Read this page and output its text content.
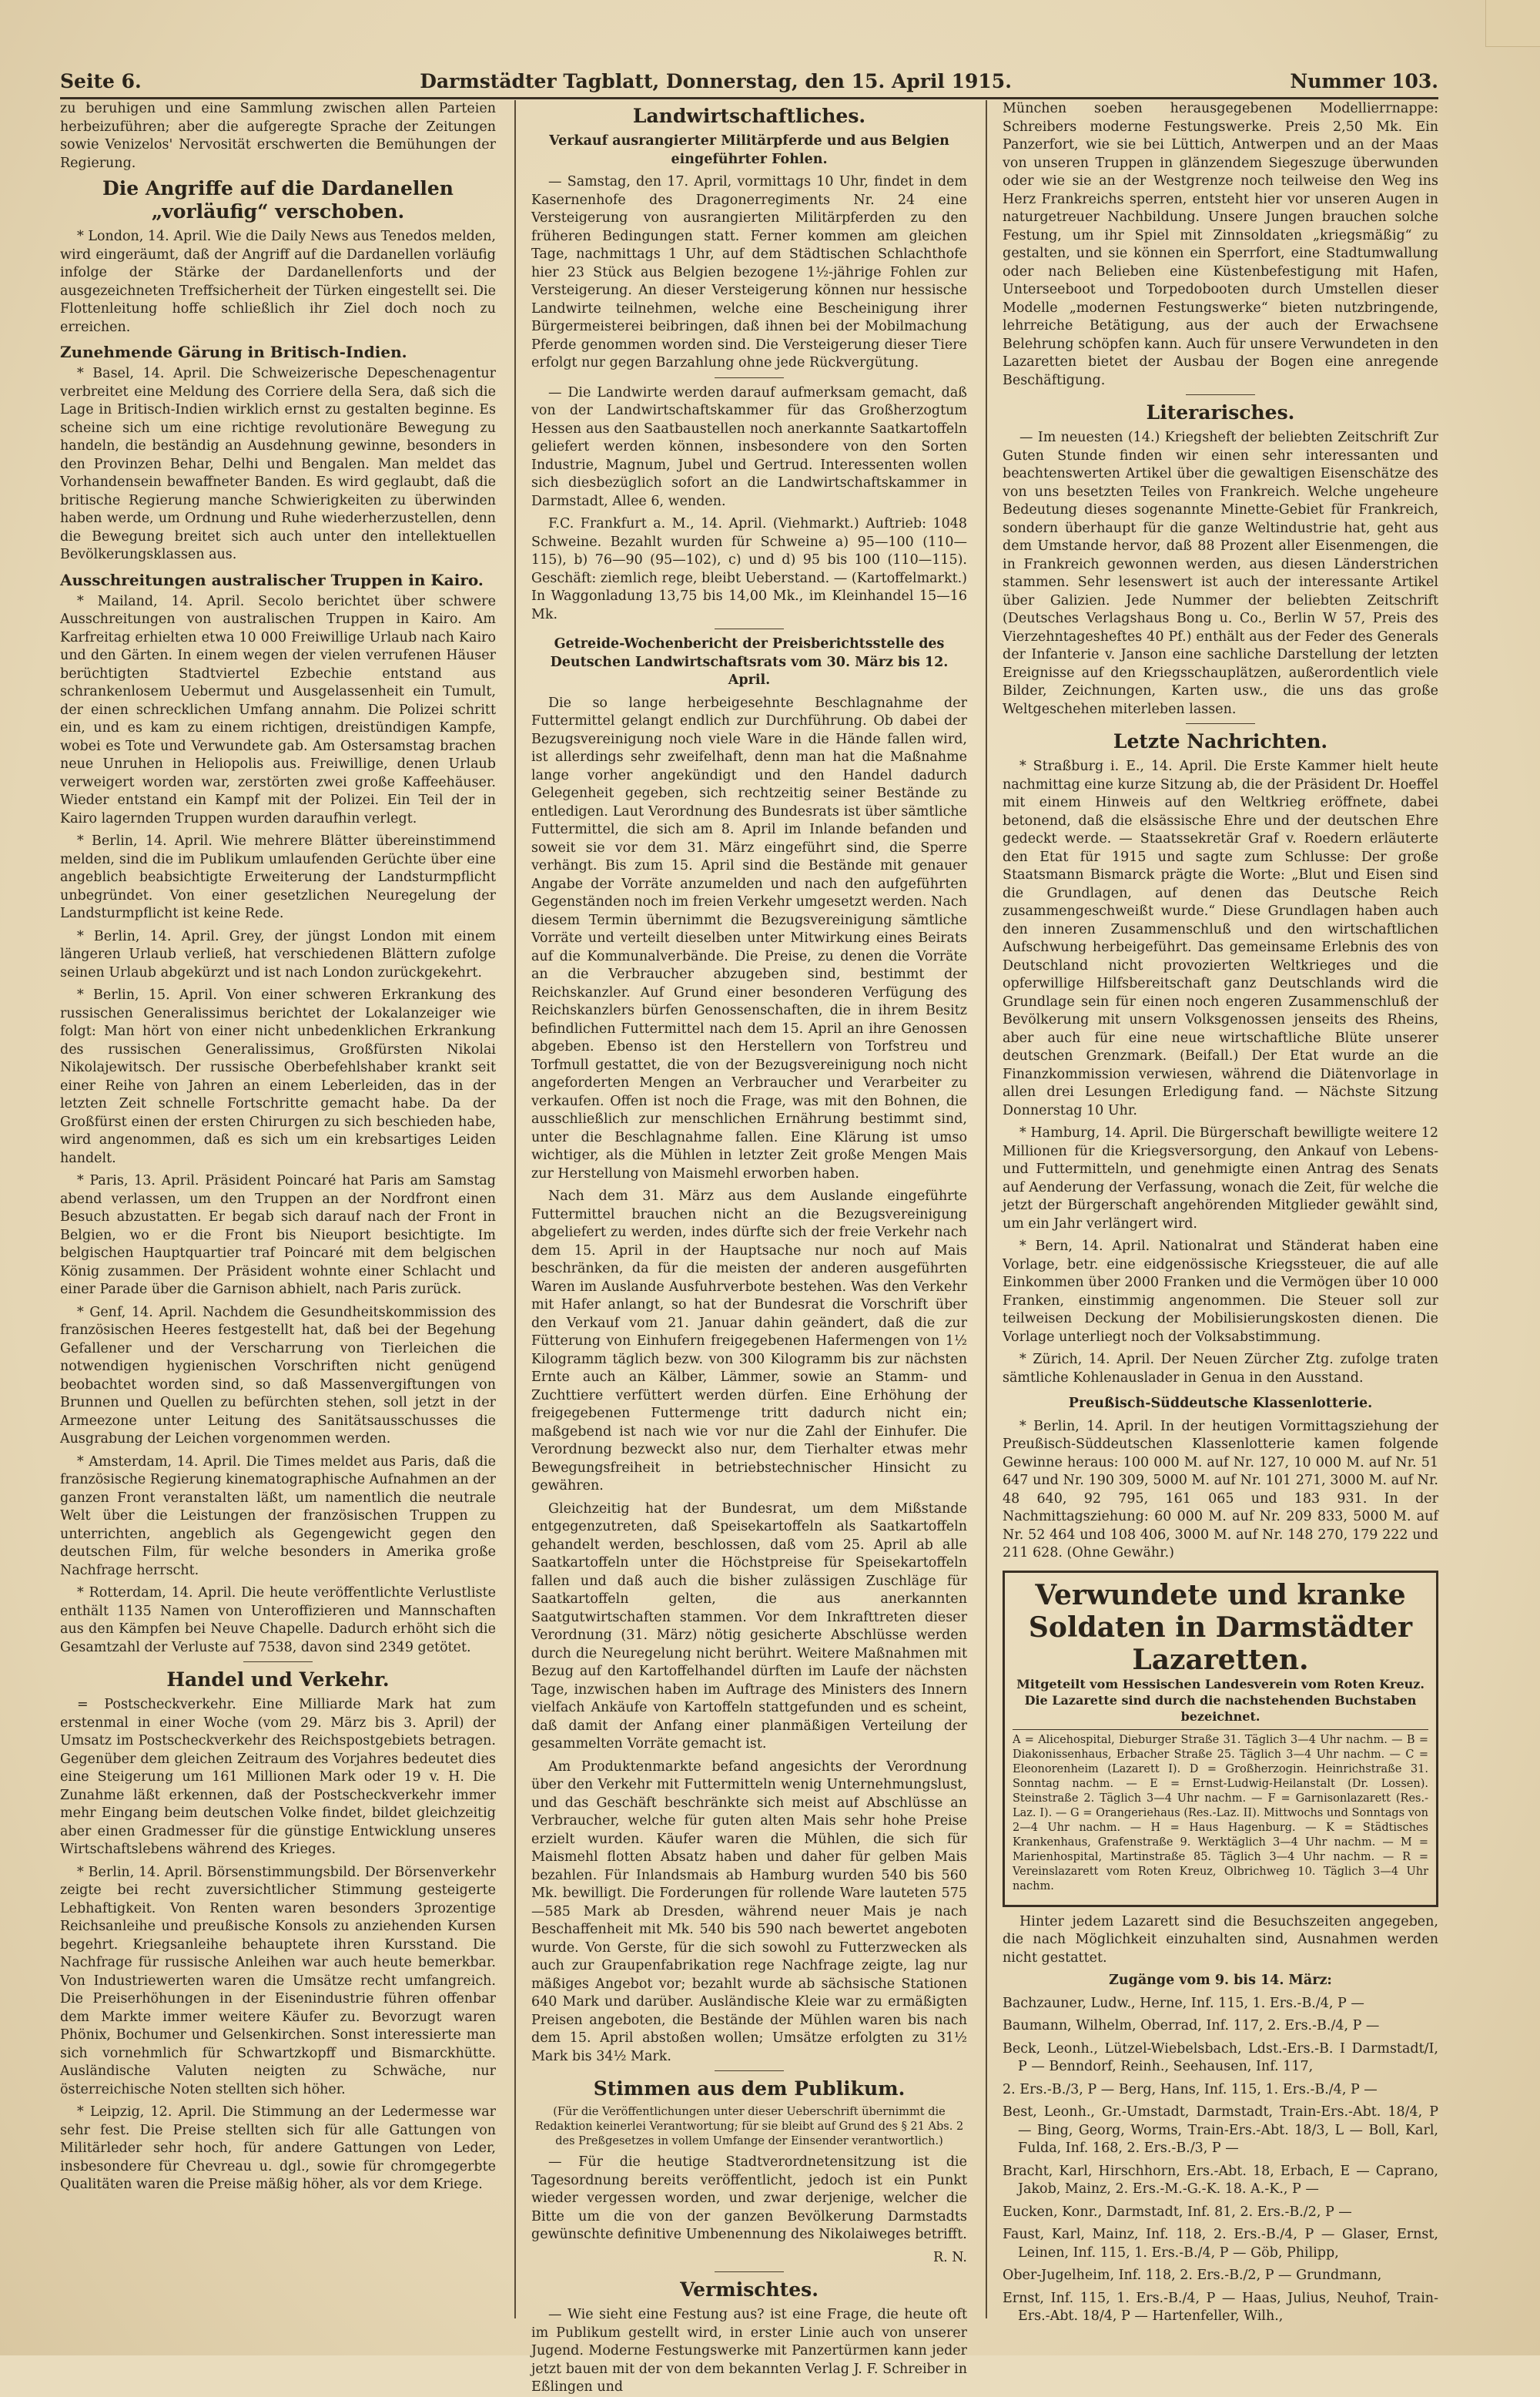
Seite 6.	Darmstädter Tagblatt, Donnerstag, den 15. April 1915.	Nummer 103.

zu beruhigen und eine Sammlung zwischen allen Parteien herbeizuführen; aber die aufgeregte Sprache der Zeitungen sowie Venizelos' Nervosität erschwerten die Bemühungen der Regierung.

Die Angriffe auf die Dardanellen „vorläufig“ verschoben.

* London, 14. April. Wie die Daily News aus Tenedos melden, wird eingeräumt, daß der Angriff auf die Dardanellen vorläufig infolge der Stärke der Dardanellenforts und der ausgezeichneten Treffsicherheit der Türken eingestellt sei. Die Flottenleitung hoffe schließlich ihr Ziel doch noch zu erreichen.

Zunehmende Gärung in Britisch-Indien.

* Basel, 14. April. Die Schweizerische Depeschenagentur verbreitet eine Meldung des Corriere della Sera, daß sich die Lage in Britisch-Indien wirklich ernst zu gestalten beginne. Es scheine sich um eine richtige revolutionäre Bewegung zu handeln, die beständig an Ausdehnung gewinne, besonders in den Provinzen Behar, Delhi und Bengalen. Man meldet das Vorhandensein bewaffneter Banden. Es wird geglaubt, daß die britische Regierung manche Schwierigkeiten zu überwinden haben werde, um Ordnung und Ruhe wiederherzustellen, denn die Bewegung breitet sich auch unter den intellektuellen Bevölkerungsklassen aus.

Ausschreitungen australischer Truppen in Kairo.

* Mailand, 14. April. Secolo berichtet über schwere Ausschreitungen von australischen Truppen in Kairo. Am Karfreitag erhielten etwa 10 000 Freiwillige Urlaub nach Kairo und den Gärten. In einem wegen der vielen verrufenen Häuser berüchtigten Stadtviertel Ezbechie entstand aus schrankenlosem Uebermut und Ausgelassenheit ein Tumult, der einen schrecklichen Umfang annahm. Die Polizei schritt ein, und es kam zu einem richtigen, dreistündigen Kampfe, wobei es Tote und Verwundete gab. Am Ostersamstag brachen neue Unruhen in Heliopolis aus. Freiwillige, denen Urlaub verweigert worden war, zerstörten zwei große Kaffeehäuser. Wieder entstand ein Kampf mit der Polizei. Ein Teil der in Kairo lagernden Truppen wurden daraufhin verlegt.

* Berlin, 14. April. Wie mehrere Blätter übereinstimmend melden, sind die im Publikum umlaufenden Gerüchte über eine angeblich beabsichtigte Erweiterung der Landsturmpflicht unbegründet. Von einer gesetzlichen Neuregelung der Landsturmpflicht ist keine Rede.

* Berlin, 14. April. Grey, der jüngst London mit einem längeren Urlaub verließ, hat verschiedenen Blättern zufolge seinen Urlaub abgekürzt und ist nach London zurückgekehrt.

* Berlin, 15. April. Von einer schweren Erkrankung des russischen Generalissimus berichtet der Lokalanzeiger wie folgt: Man hört von einer nicht unbedenklichen Erkrankung des russischen Generalissimus, Großfürsten Nikolai Nikolajewitsch. Der russische Oberbefehlshaber krankt seit einer Reihe von Jahren an einem Leberleiden, das in der letzten Zeit schnelle Fortschritte gemacht habe. Da der Großfürst einen der ersten Chirurgen zu sich beschieden habe, wird angenommen, daß es sich um ein krebsartiges Leiden handelt.

* Paris, 13. April. Präsident Poincaré hat Paris am Samstag abend verlassen, um den Truppen an der Nordfront einen Besuch abzustatten. Er begab sich darauf nach der Front in Belgien, wo er die Front bis Nieuport besichtigte. Im belgischen Hauptquartier traf Poincaré mit dem belgischen König zusammen. Der Präsident wohnte einer Schlacht und einer Parade über die Garnison abhielt, nach Paris zurück.

* Genf, 14. April. Nachdem die Gesundheitskommission des französischen Heeres festgestellt hat, daß bei der Begehung Gefallener und der Verscharrung von Tierleichen die notwendigen hygienischen Vorschriften nicht genügend beobachtet worden sind, so daß Massenvergiftungen von Brunnen und Quellen zu befürchten stehen, soll jetzt in der Armeezone unter Leitung des Sanitätsausschusses die Ausgrabung der Leichen vorgenommen werden.

* Amsterdam, 14. April. Die Times meldet aus Paris, daß die französische Regierung kinematographische Aufnahmen an der ganzen Front veranstalten läßt, um namentlich die neutrale Welt über die Leistungen der französischen Truppen zu unterrichten, angeblich als Gegengewicht gegen den deutschen Film, für welche besonders in Amerika große Nachfrage herrscht.

* Rotterdam, 14. April. Die heute veröffentlichte Verlustliste enthält 1135 Namen von Unteroffizieren und Mannschaften aus den Kämpfen bei Neuve Chapelle. Dadurch erhöht sich die Gesamtzahl der Verluste auf 7538, davon sind 2349 getötet.

Handel und Verkehr.

= Postscheckverkehr. Eine Milliarde Mark hat zum erstenmal in einer Woche (vom 29. März bis 3. April) der Umsatz im Postscheckverkehr des Reichspostgebiets betragen. Gegenüber dem gleichen Zeitraum des Vorjahres bedeutet dies eine Steigerung um 161 Millionen Mark oder 19 v. H. Die Zunahme läßt erkennen, daß der Postscheckverkehr immer mehr Eingang beim deutschen Volke findet, bildet gleichzeitig aber einen Gradmesser für die günstige Entwicklung unseres Wirtschaftslebens während des Krieges.

* Berlin, 14. April. Börsenstimmungsbild. Der Börsenverkehr zeigte bei recht zuversichtlicher Stimmung gesteigerte Lebhaftigkeit. Von Renten waren besonders 3prozentige Reichsanleihe und preußische Konsols zu anziehenden Kursen begehrt. Kriegsanleihe behauptete ihren Kursstand. Die Nachfrage für russische Anleihen war auch heute bemerkbar. Von Industriewerten waren die Umsätze recht umfangreich. Die Preiserhöhungen in der Eisenindustrie führen offenbar dem Markte immer weitere Käufer zu. Bevorzugt waren Phönix, Bochumer und Gelsenkirchen. Sonst interessierte man sich vornehmlich für Schwartzkopff und Bismarckhütte. Ausländische Valuten neigten zu Schwäche, nur österreichische Noten stellten sich höher.

* Leipzig, 12. April. Die Stimmung an der Ledermesse war sehr fest. Die Preise stellten sich für alle Gattungen von Militärleder sehr hoch, für andere Gattungen von Leder, insbesondere für Chevreau u. dgl., sowie für chromgegerbte Qualitäten waren die Preise mäßig höher, als vor dem Kriege.

Landwirtschaftliches.

Verkauf ausrangierter Militärpferde und aus Belgien eingeführter Fohlen.

— Samstag, den 17. April, vormittags 10 Uhr, findet in dem Kasernenhofe des Dragonerregiments Nr. 24 eine Versteigerung von ausrangierten Militärpferden zu den früheren Bedingungen statt. Ferner kommen am gleichen Tage, nachmittags 1 Uhr, auf dem Städtischen Schlachthofe hier 23 Stück aus Belgien bezogene 1½-jährige Fohlen zur Versteigerung. An dieser Versteigerung können nur hessische Landwirte teilnehmen, welche eine Bescheinigung ihrer Bürgermeisterei beibringen, daß ihnen bei der Mobilmachung Pferde genommen worden sind. Die Versteigerung dieser Tiere erfolgt nur gegen Barzahlung ohne jede Rückvergütung.

— Die Landwirte werden darauf aufmerksam gemacht, daß von der Landwirtschaftskammer für das Großherzogtum Hessen aus den Saatbaustellen noch anerkannte Saatkartoffeln geliefert werden können, insbesondere von den Sorten Industrie, Magnum, Jubel und Gertrud. Interessenten wollen sich diesbezüglich sofort an die Landwirtschaftskammer in Darmstadt, Allee 6, wenden.

F.C. Frankfurt a. M., 14. April. (Viehmarkt.) Auftrieb: 1048 Schweine. Bezahlt wurden für Schweine a) 95—100 (110—115), b) 76—90 (95—102), c) und d) 95 bis 100 (110—115). Geschäft: ziemlich rege, bleibt Ueberstand. — (Kartoffelmarkt.) In Waggonladung 13,75 bis 14,00 Mk., im Kleinhandel 15—16 Mk.

Getreide-Wochenbericht der Preisberichtsstelle des Deutschen Landwirtschaftsrats vom 30. März bis 12. April.

Die so lange herbeigesehnte Beschlagnahme der Futtermittel gelangt endlich zur Durchführung. Ob dabei der Bezugsvereinigung noch viele Ware in die Hände fallen wird, ist allerdings sehr zweifelhaft, denn man hat die Maßnahme lange vorher angekündigt und den Handel dadurch Gelegenheit gegeben, sich rechtzeitig seiner Bestände zu entledigen. Laut Verordnung des Bundesrats ist über sämtliche Futtermittel, die sich am 8. April im Inlande befanden und soweit sie vor dem 31. März eingeführt sind, die Sperre verhängt. Bis zum 15. April sind die Bestände mit genauer Angabe der Vorräte anzumelden und nach den aufgeführten Gegenständen noch im freien Verkehr umgesetzt werden. Nach diesem Termin übernimmt die Bezugsvereinigung sämtliche Vorräte und verteilt dieselben unter Mitwirkung eines Beirats auf die Kommunalverbände. Die Preise, zu denen die Vorräte an die Verbraucher abzugeben sind, bestimmt der Reichskanzler. Auf Grund einer besonderen Verfügung des Reichskanzlers bürfen Genossenschaften, die in ihrem Besitz befindlichen Futtermittel nach dem 15. April an ihre Genossen abgeben. Ebenso ist den Herstellern von Torfstreu und Torfmull gestattet, die von der Bezugsvereinigung noch nicht angeforderten Mengen an Verbraucher und Verarbeiter zu verkaufen. Offen ist noch die Frage, was mit den Bohnen, die ausschließlich zur menschlichen Ernährung bestimmt sind, unter die Beschlagnahme fallen. Eine Klärung ist umso wichtiger, als die Mühlen in letzter Zeit große Mengen Mais zur Herstellung von Maismehl erworben haben.

Nach dem 31. März aus dem Auslande eingeführte Futtermittel brauchen nicht an die Bezugsvereinigung abgeliefert zu werden, indes dürfte sich der freie Verkehr nach dem 15. April in der Hauptsache nur noch auf Mais beschränken, da für die meisten der anderen ausgeführten Waren im Auslande Ausfuhrverbote bestehen. Was den Verkehr mit Hafer anlangt, so hat der Bundesrat die Vorschrift über den Verkauf vom 21. Januar dahin geändert, daß die zur Fütterung von Einhufern freigegebenen Hafermengen von 1½ Kilogramm täglich bezw. von 300 Kilogramm bis zur nächsten Ernte auch an Kälber, Lämmer, sowie an Stamm- und Zuchttiere verfüttert werden dürfen. Eine Erhöhung der freigegebenen Futtermenge tritt dadurch nicht ein; maßgebend ist nach wie vor nur die Zahl der Einhufer. Die Verordnung bezweckt also nur, dem Tierhalter etwas mehr Bewegungsfreiheit in betriebstechnischer Hinsicht zu gewähren.

Gleichzeitig hat der Bundesrat, um dem Mißstande entgegenzutreten, daß Speisekartoffeln als Saatkartoffeln gehandelt werden, beschlossen, daß vom 25. April ab alle Saatkartoffeln unter die Höchstpreise für Speisekartoffeln fallen und daß auch die bisher zulässigen Zuschläge für Saatkartoffeln gelten, die aus anerkannten Saatgutwirtschaften stammen. Vor dem Inkrafttreten dieser Verordnung (31. März) nötig gesicherte Abschlüsse werden durch die Neuregelung nicht berührt. Weitere Maßnahmen mit Bezug auf den Kartoffelhandel dürften im Laufe der nächsten Tage, inzwischen haben im Auftrage des Ministers des Innern vielfach Ankäufe von Kartoffeln stattgefunden und es scheint, daß damit der Anfang einer planmäßigen Verteilung der gesammelten Vorräte gemacht ist.

Am Produktenmarkte befand angesichts der Verordnung über den Verkehr mit Futtermitteln wenig Unternehmungslust, und das Geschäft beschränkte sich meist auf Abschlüsse an Verbraucher, welche für guten alten Mais sehr hohe Preise erzielt wurden. Käufer waren die Mühlen, die sich für Maismehl flotten Absatz haben und daher für gelben Mais bezahlen. Für Inlandsmais ab Hamburg wurden 540 bis 560 Mk. bewilligt. Die Forderungen für rollende Ware lauteten 575—585 Mark ab Dresden, während neuer Mais je nach Beschaffenheit mit Mk. 540 bis 590 nach bewertet angeboten wurde. Von Gerste, für die sich sowohl zu Futterzwecken als auch zur Graupenfabrikation rege Nachfrage zeigte, lag nur mäßiges Angebot vor; bezahlt wurde ab sächsische Stationen 640 Mark und darüber. Ausländische Kleie war zu ermäßigten Preisen angeboten, die Bestände der Mühlen waren bis nach dem 15. April abstoßen wollen; Umsätze erfolgten zu 31½ Mark bis 34½ Mark.

Stimmen aus dem Publikum.

(Für die Veröffentlichungen unter dieser Ueberschrift übernimmt die Redaktion keinerlei Verantwortung; für sie bleibt auf Grund des § 21 Abs. 2 des Preßgesetzes in vollem Umfange der Einsender verantwortlich.)

— Für die heutige Stadtverordnetensitzung ist die Tagesordnung bereits veröffentlicht, jedoch ist ein Punkt wieder vergessen worden, und zwar derjenige, welcher die Bitte um die von der ganzen Bevölkerung Darmstadts gewünschte definitive Umbenennung des Nikolaiweges betrifft.

R. N.

Vermischtes.

— Wie sieht eine Festung aus? ist eine Frage, die heute oft im Publikum gestellt wird, in erster Linie auch von unserer Jugend. Moderne Festungswerke mit Panzertürmen kann jeder jetzt bauen mit der von dem bekannten Verlag J. F. Schreiber in Eßlingen und

München soeben herausgegebenen Modellierrnappe: Schreibers moderne Festungswerke. Preis 2,50 Mk. Ein Panzerfort, wie sie bei Lüttich, Antwerpen und an der Maas von unseren Truppen in glänzendem Siegeszuge überwunden oder wie sie an der Westgrenze noch teilweise den Weg ins Herz Frankreichs sperren, entsteht hier vor unseren Augen in naturgetreuer Nachbildung. Unsere Jungen brauchen solche Festung, um ihr Spiel mit Zinnsoldaten „kriegsmäßig“ zu gestalten, und sie können ein Sperrfort, eine Stadtumwallung oder nach Belieben eine Küstenbefestigung mit Hafen, Unterseeboot und Torpedobooten durch Umstellen dieser Modelle „modernen Festungswerke“ bieten nutzbringende, lehrreiche Betätigung, aus der auch der Erwachsene Belehrung schöpfen kann. Auch für unsere Verwundeten in den Lazaretten bietet der Ausbau der Bogen eine anregende Beschäftigung.

Literarisches.

— Im neuesten (14.) Kriegsheft der beliebten Zeitschrift Zur Guten Stunde finden wir einen sehr interessanten und beachtenswerten Artikel über die gewaltigen Eisenschätze des von uns besetzten Teiles von Frankreich. Welche ungeheure Bedeutung dieses sogenannte Minette-Gebiet für Frankreich, sondern überhaupt für die ganze Weltindustrie hat, geht aus dem Umstande hervor, daß 88 Prozent aller Eisenmengen, die in Frankreich gewonnen werden, aus diesen Länderstrichen stammen. Sehr lesenswert ist auch der interessante Artikel über Galizien. Jede Nummer der beliebten Zeitschrift (Deutsches Verlagshaus Bong u. Co., Berlin W 57, Preis des Vierzehntagesheftes 40 Pf.) enthält aus der Feder des Generals der Infanterie v. Janson eine sachliche Darstellung der letzten Ereignisse auf den Kriegsschauplätzen, außerordentlich viele Bilder, Zeichnungen, Karten usw., die uns das große Weltgeschehen miterleben lassen.

Letzte Nachrichten.

* Straßburg i. E., 14. April. Die Erste Kammer hielt heute nachmittag eine kurze Sitzung ab, die der Präsident Dr. Hoeffel mit einem Hinweis auf den Weltkrieg eröffnete, dabei betonend, daß die elsässische Ehre und der deutschen Ehre gedeckt werde. — Staatssekretär Graf v. Roedern erläuterte den Etat für 1915 und sagte zum Schlusse: Der große Staatsmann Bismarck prägte die Worte: „Blut und Eisen sind die Grundlagen, auf denen das Deutsche Reich zusammengeschweißt wurde.“ Diese Grundlagen haben auch den inneren Zusammenschluß und den wirtschaftlichen Aufschwung herbeigeführt. Das gemeinsame Erlebnis des von Deutschland nicht provozierten Weltkrieges und die opferwillige Hilfsbereitschaft ganz Deutschlands wird die Grundlage sein für einen noch engeren Zusammenschluß der Bevölkerung mit unsern Volksgenossen jenseits des Rheins, aber auch für eine neue wirtschaftliche Blüte unserer deutschen Grenzmark. (Beifall.) Der Etat wurde an die Finanzkommission verwiesen, während die Diätenvorlage in allen drei Lesungen Erledigung fand. — Nächste Sitzung Donnerstag 10 Uhr.

* Hamburg, 14. April. Die Bürgerschaft bewilligte weitere 12 Millionen für die Kriegsversorgung, den Ankauf von Lebens- und Futtermitteln, und genehmigte einen Antrag des Senats auf Aenderung der Verfassung, wonach die Zeit, für welche die jetzt der Bürgerschaft angehörenden Mitglieder gewählt sind, um ein Jahr verlängert wird.

* Bern, 14. April. Nationalrat und Ständerat haben eine Vorlage, betr. eine eidgenössische Kriegssteuer, die auf alle Einkommen über 2000 Franken und die Vermögen über 10 000 Franken, einstimmig angenommen. Die Steuer soll zur teilweisen Deckung der Mobilisierungskosten dienen. Die Vorlage unterliegt noch der Volksabstimmung.

* Zürich, 14. April. Der Neuen Zürcher Ztg. zufolge traten sämtliche Kohlenauslader in Genua in den Ausstand.

Preußisch-Süddeutsche Klassenlotterie.

* Berlin, 14. April. In der heutigen Vormittagsziehung der Preußisch-Süddeutschen Klassenlotterie kamen folgende Gewinne heraus: 100 000 M. auf Nr. 127, 10 000 M. auf Nr. 51 647 und Nr. 190 309, 5000 M. auf Nr. 101 271, 3000 M. auf Nr. 48 640, 92 795, 161 065 und 183 931. In der Nachmittagsziehung: 60 000 M. auf Nr. 209 833, 5000 M. auf Nr. 52 464 und 108 406, 3000 M. auf Nr. 148 270, 179 222 und 211 628. (Ohne Gewähr.)

Verwundete und kranke Soldaten in Darmstädter Lazaretten.

Mitgeteilt vom Hessischen Landesverein vom Roten Kreuz. Die Lazarette sind durch die nachstehenden Buchstaben bezeichnet.

A = Alicehospital, Dieburger Straße 31. Täglich 3—4 Uhr nachm. — B = Diakonissenhaus, Erbacher Straße 25. Täglich 3—4 Uhr nachm. — C = Eleonorenheim (Lazarett I). D = Großherzogin. Heinrichstraße 31. Sonntag nachm. — E = Ernst-Ludwig-Heilanstalt (Dr. Lossen). Steinstraße 2. Täglich 3—4 Uhr nachm. — F = Garnisonlazarett (Res.-Laz. I). — G = Orangeriehaus (Res.-Laz. II). Mittwochs und Sonntags von 2—4 Uhr nachm. — H = Haus Hagenburg. — K = Städtisches Krankenhaus, Grafenstraße 9. Werktäglich 3—4 Uhr nachm. — M = Marienhospital, Martinstraße 85. Täglich 3—4 Uhr nachm. — R = Vereinslazarett vom Roten Kreuz, Olbrichweg 10. Täglich 3—4 Uhr nachm.

Hinter jedem Lazarett sind die Besuchszeiten angegeben, die nach Möglichkeit einzuhalten sind, Ausnahmen werden nicht gestattet.

Zugänge vom 9. bis 14. März:

Bachzauner, Ludw., Herne, Inf. 115, 1. Ers.-B./4, P —

Baumann, Wilhelm, Oberrad, Inf. 117, 2. Ers.-B./4, P —

Beck, Leonh., Lützel-Wiebelsbach, Ldst.-Ers.-B. I Darmstadt/I, P — Benndorf, Reinh., Seehausen, Inf. 117,

2. Ers.-B./3, P — Berg, Hans, Inf. 115, 1. Ers.-B./4, P —

Best, Leonh., Gr.-Umstadt, Darmstadt, Train-Ers.-Abt. 18/4, P — Bing, Georg, Worms, Train-Ers.-Abt. 18/3, L — Boll, Karl, Fulda, Inf. 168, 2. Ers.-B./3, P —

Bracht, Karl, Hirschhorn, Ers.-Abt. 18, Erbach, E — Caprano, Jakob, Mainz, 2. Ers.-M.-G.-K. 18. A.-K., P —

Eucken, Konr., Darmstadt, Inf. 81, 2. Ers.-B./2, P —

Faust, Karl, Mainz, Inf. 118, 2. Ers.-B./4, P — Glaser, Ernst, Leinen, Inf. 115, 1. Ers.-B./4, P — Göb, Philipp,

Ober-Jugelheim, Inf. 118, 2. Ers.-B./2, P — Grundmann,

Ernst, Inf. 115, 1. Ers.-B./4, P — Haas, Julius, Neuhof, Train-Ers.-Abt. 18/4, P — Hartenfeller, Wilh.,
